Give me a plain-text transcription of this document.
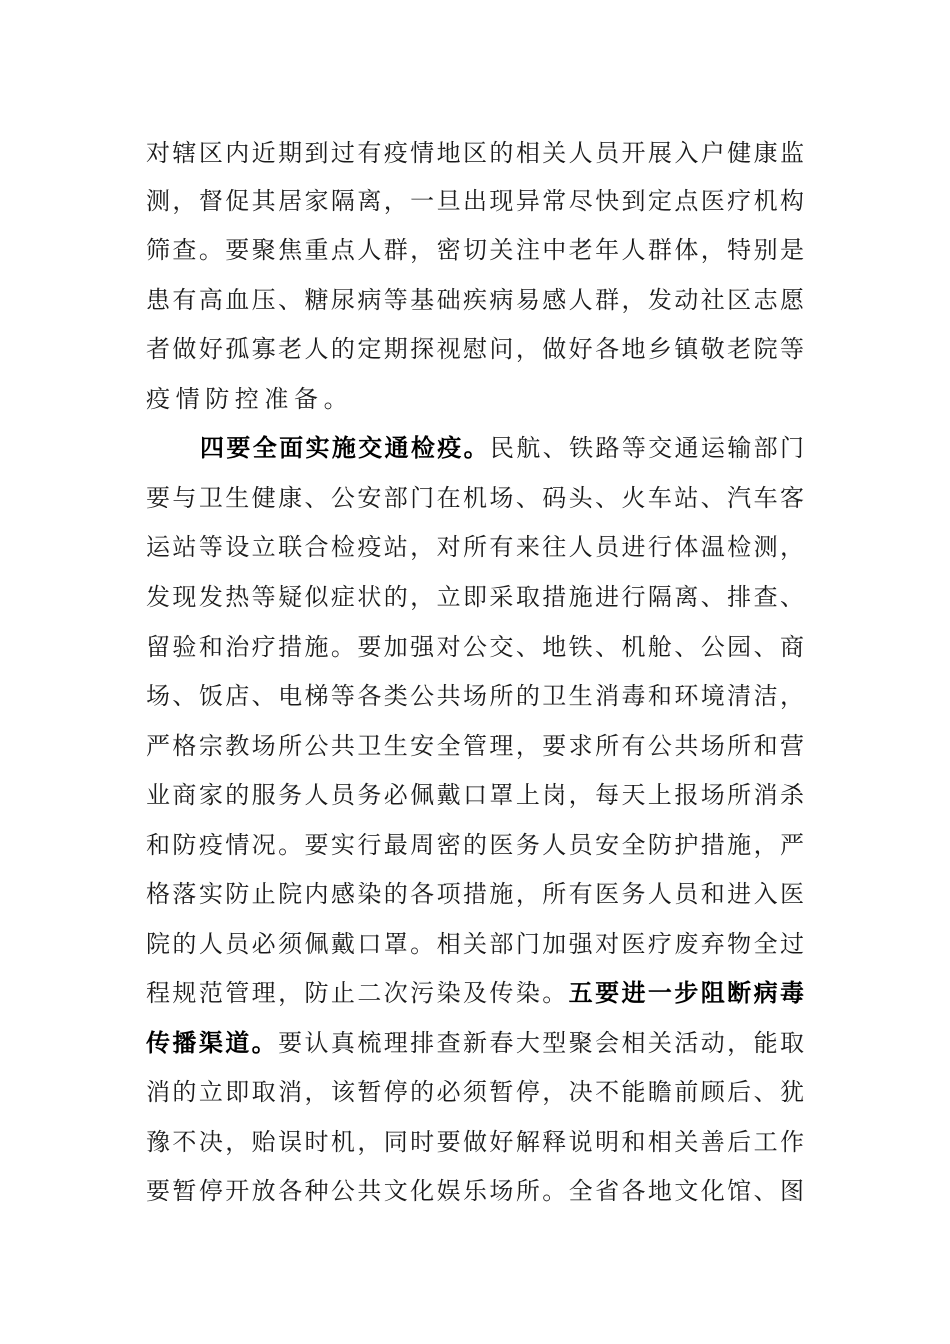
对辖区内近期到过有疫情地区的相关人员开展入户健康监
测，督促其居家隔离，一旦出现异常尽快到定点医疗机构
筛查。要聚焦重点人群，密切关注中老年人群体，特别是
患有高血压、糖尿病等基础疾病易感人群，发动社区志愿
者做好孤寡老人的定期探视慰问，做好各地乡镇敬老院等
疫情防控准备。
四要全面实施交通检疫。民航、铁路等交通运输部门
要与卫生健康、公安部门在机场、码头、火车站、汽车客
运站等设立联合检疫站，对所有来往人员进行体温检测，
发现发热等疑似症状的，立即采取措施进行隔离、排查、
留验和治疗措施。要加强对公交、地铁、机舱、公园、商
场、饭店、电梯等各类公共场所的卫生消毒和环境清洁，
严格宗教场所公共卫生安全管理，要求所有公共场所和营
业商家的服务人员务必佩戴口罩上岗，每天上报场所消杀
和防疫情况。要实行最周密的医务人员安全防护措施，严
格落实防止院内感染的各项措施，所有医务人员和进入医
院的人员必须佩戴口罩。相关部门加强对医疗废弃物全过
程规范管理，防止二次污染及传染。五要进一步阻断病毒
传播渠道。要认真梳理排查新春大型聚会相关活动，能取
消的立即取消，该暂停的必须暂停，决不能瞻前顾后、犹
豫不决，贻误时机，同时要做好解释说明和相关善后工作
要暂停开放各种公共文化娱乐场所。全省各地文化馆、图
